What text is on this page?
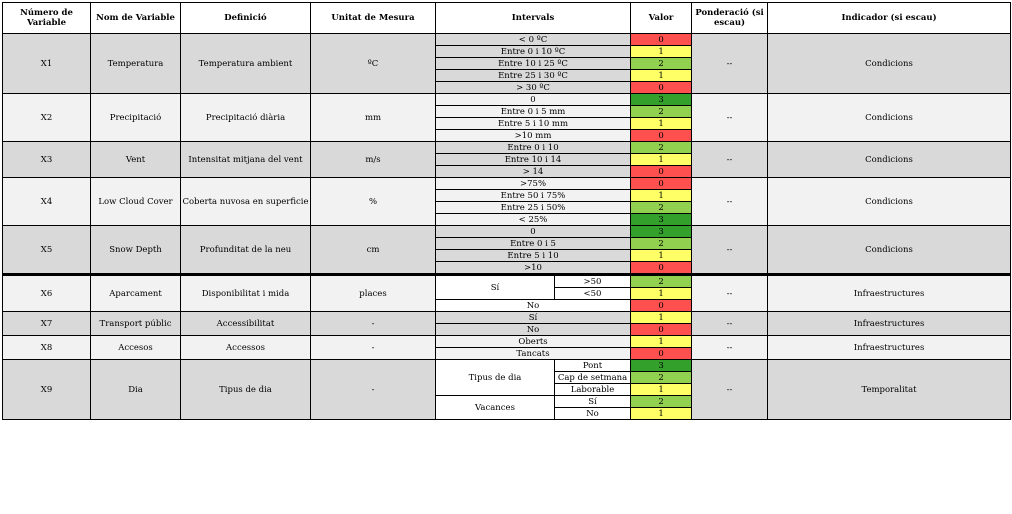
Número de Variable	Nom de Variable	Definició	Unitat de Mesura	Intervals		Valor	Ponderació (si escau)	Indicador (si escau)	
X1	Temperatura	Temperatura ambient	ºC	< 0 ºC		0	--	Condicions	
				Entre 0 i 10 ºC		1			
				Entre 10 i 25 ºC		2			
				Entre 25 i 30 ºC		1			
				> 30 ºC		0			
X2	Precipitació	Precipitació diària	mm	0		3	--	Condicions	
				Entre 0 i 5 mm		2			
				Entre 5 i 10 mm		1			
				>10 mm		0			
X3	Vent	Intensitat mitjana del vent	m/s	Entre 0 i 10		2	--	Condicions	
				Entre 10 i 14		1			
				> 14		0			
X4	Low Cloud Cover	Coberta nuvosa en superficie	%	>75%		0	--	Condicions	
				Entre 50 i 75%		1			
				Entre 25 i 50%		2			
				< 25%		3			
X5	Snow Depth	Profunditat de la neu	cm	0		3	--	Condicions	
				Entre 0 i 5		2			
				Entre 5 i 10		1			
				>10		0			
X6	Aparcament	Disponibilitat i mida	places	Sí	>50	2	--	Infraestructures	
					<50	1			
				No		0			
X7	Transport públic	Accessibilitat	-	Sí		1	--	Infraestructures	
				No		0			
X8	Accesos	Accessos	-	Oberts		1	--	Infraestructures	
				Tancats		0			
X9	Dia	Tipus de dia	-	Tipus de dia	Pont	3	--	Temporalitat	
					Cap de setmana	2			
					Laborable	1			
				Vacances	Sí	2			
					No	1			
